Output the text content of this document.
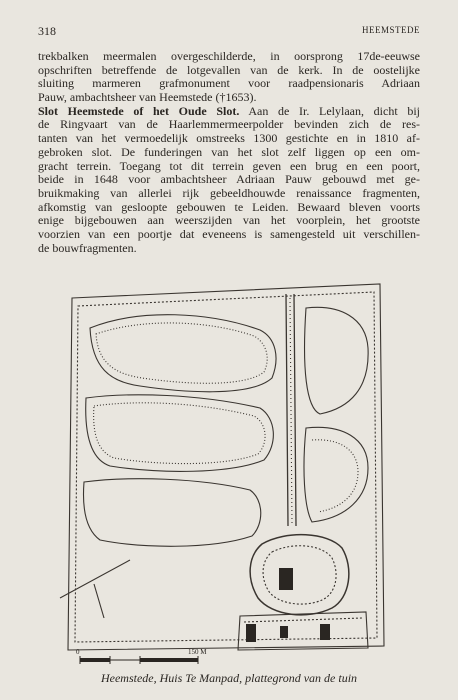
318	HEEMSTEDE
trekbalken meermalen overgeschilderde, in oorsprong 17de-eeuwse
opschriften betreffende de lotgevallen van de kerk. In de oostelijke
sluiting marmeren grafmonument voor raadpensionaris Adriaan
Pauw, ambachtsheer van Heemstede (†1653).
Slot Heemstede of het Oude Slot. Aan de Ir. Lelylaan, dicht bij
de Ringvaart van de Haarlemmermeerpolder bevinden zich de res-
tanten van het vermoedelijk omstreeks 1300 gestichte en in 1810 af-
gebroken slot. De funderingen van het slot zelf liggen op een om-
gracht terrein. Toegang tot dit terrein geven een brug en een poort,
beide in 1648 voor ambachtsheer Adriaan Pauw gebouwd met ge-
bruikmaking van allerlei rijk gebeeldhouwde renaissance fragmenten,
afkomstig van gesloopte gebouwen te Leiden. Bewaard bleven voorts
enige bijgebouwen aan weerszijden van het voorplein, het grootste
voorzien van een poortje dat eveneens is samengesteld uit verschillen-
de bouwfragmenten.
0	150 M
Heemstede, Huis Te Manpad, plattegrond van de tuin
